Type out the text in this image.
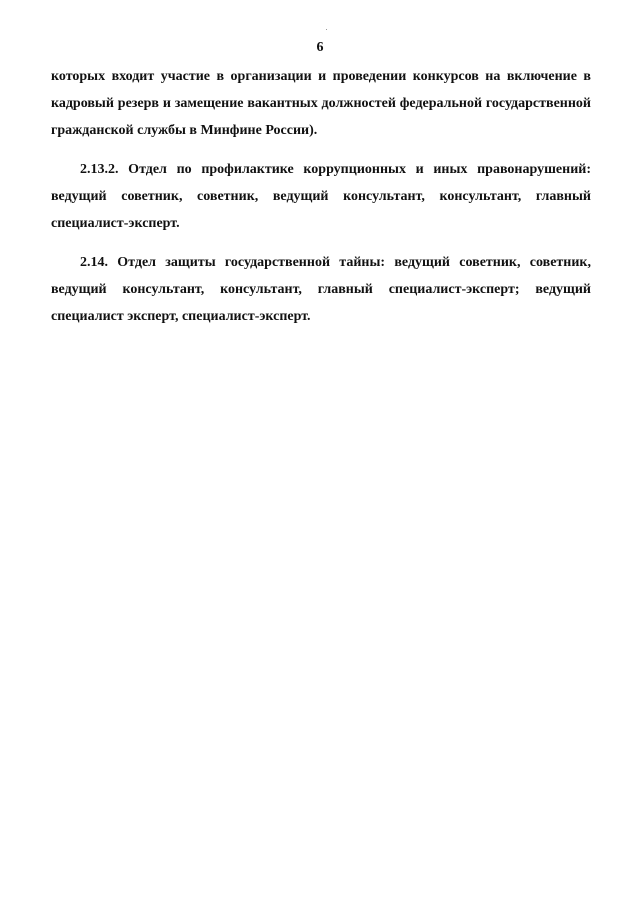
6

которых входит участие в организации и проведении конкурсов на включение в кадровый резерв и замещение вакантных должностей федеральной государственной гражданской службы в Минфине России).

2.13.2. Отдел по профилактике коррупционных и иных правонарушений: ведущий советник, советник, ведущий консультант, консультант, главный специалист-эксперт.

2.14. Отдел защиты государственной тайны: ведущий советник, советник, ведущий консультант, консультант, главный специалист-эксперт; ведущий специалист эксперт, специалист-эксперт.
